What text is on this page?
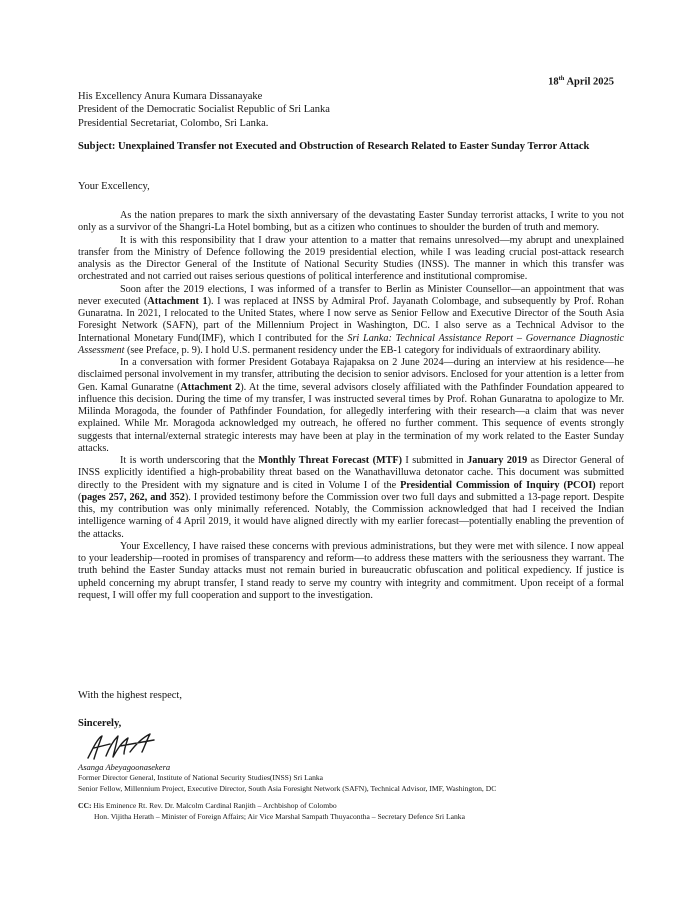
18th April 2025
His Excellency Anura Kumara Dissanayake
President of the Democratic Socialist Republic of Sri Lanka
Presidential Secretariat, Colombo, Sri Lanka.
Subject: Unexplained Transfer not Executed and Obstruction of Research Related to Easter Sunday Terror Attack
Your Excellency,

As the nation prepares to mark the sixth anniversary of the devastating Easter Sunday terrorist attacks, I write to you not only as a survivor of the Shangri-La Hotel bombing, but as a citizen who continues to shoulder the burden of truth and memory.

It is with this responsibility that I draw your attention to a matter that remains unresolved—my abrupt and unexplained transfer from the Ministry of Defence following the 2019 presidential election, while I was leading crucial post-attack research analysis as the Director General of the Institute of National Security Studies (INSS). The manner in which this transfer was orchestrated and not carried out raises serious questions of political interference and institutional compromise.

Soon after the 2019 elections, I was informed of a transfer to Berlin as Minister Counsellor—an appointment that was never executed (Attachment 1). I was replaced at INSS by Admiral Prof. Jayanath Colombage, and subsequently by Prof. Rohan Gunaratna. In 2021, I relocated to the United States, where I now serve as Senior Fellow and Executive Director of the South Asia Foresight Network (SAFN), part of the Millennium Project in Washington, DC. I also serve as a Technical Advisor to the International Monetary Fund(IMF), which I contributed for the Sri Lanka: Technical Assistance Report – Governance Diagnostic Assessment (see Preface, p. 9). I hold U.S. permanent residency under the EB-1 category for individuals of extraordinary ability.

In a conversation with former President Gotabaya Rajapaksa on 2 June 2024—during an interview at his residence—he disclaimed personal involvement in my transfer, attributing the decision to senior advisors. Enclosed for your attention is a letter from Gen. Kamal Gunaratne (Attachment 2). At the time, several advisors closely affiliated with the Pathfinder Foundation appeared to influence this decision. During the time of my transfer, I was instructed several times by Prof. Rohan Gunaratna to apologize to Mr. Milinda Moragoda, the founder of Pathfinder Foundation, for allegedly interfering with their research—a claim that was never explained. While Mr. Moragoda acknowledged my outreach, he offered no further comment. This sequence of events strongly suggests that internal/external strategic interests may have been at play in the termination of my work related to the Easter Sunday attacks.

It is worth underscoring that the Monthly Threat Forecast (MTF) I submitted in January 2019 as Director General of INSS explicitly identified a high-probability threat based on the Wanathavilluwa detonator cache. This document was submitted directly to the President with my signature and is cited in Volume I of the Presidential Commission of Inquiry (PCOI) report (pages 257, 262, and 352). I provided testimony before the Commission over two full days and submitted a 13-page report. Despite this, my contribution was only minimally referenced. Notably, the Commission acknowledged that had I received the Indian intelligence warning of 4 April 2019, it would have aligned directly with my earlier forecast—potentially enabling the prevention of the attacks.

Your Excellency, I have raised these concerns with previous administrations, but they were met with silence. I now appeal to your leadership—rooted in promises of transparency and reform—to address these matters with the seriousness they warrant. The truth behind the Easter Sunday attacks must not remain buried in bureaucratic obfuscation and political expediency. If justice is upheld concerning my abrupt transfer, I stand ready to serve my country with integrity and commitment. Upon receipt of a formal request, I will offer my full cooperation and support to the investigation.

With the highest respect,
Sincerely,
Asanga Abeyagoonasekera
Former Director General, Institute of National Security Studies(INSS) Sri Lanka
Senior Fellow, Millennium Project, Executive Director, South Asia Foresight Network (SAFN), Technical Advisor, IMF, Washington, DC
CC: His Eminence Rt. Rev. Dr. Malcolm Cardinal Ranjith – Archbishop of Colombo
Hon. Vijitha Herath – Minister of Foreign Affairs; Air Vice Marshal Sampath Thuyacontha – Secretary Defence Sri Lanka
